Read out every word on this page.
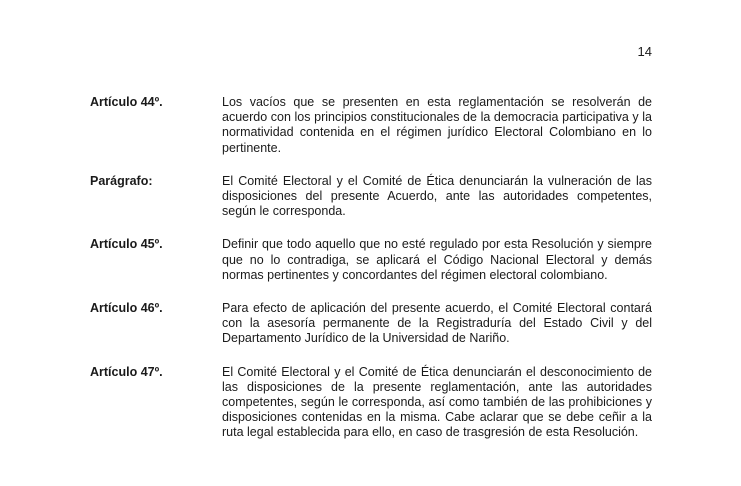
14
Artículo 44º.	Los vacíos que se presenten en esta reglamentación se resolverán de acuerdo con los principios constitucionales de la democracia participativa y la normatividad contenida en el régimen jurídico Electoral Colombiano en lo pertinente.
Parágrafo:	El Comité Electoral y el Comité de Ética denunciarán la vulneración de las disposiciones del presente Acuerdo, ante las autoridades competentes, según le corresponda.
Artículo 45º.	Definir que todo aquello que no esté regulado por esta Resolución y siempre que no lo contradiga, se aplicará el Código Nacional Electoral y demás normas pertinentes y concordantes del régimen electoral colombiano.
Artículo 46º.	Para efecto de aplicación del presente acuerdo, el Comité Electoral contará con la asesoría permanente de la Registraduría del Estado Civil y del Departamento Jurídico de la Universidad de Nariño.
Artículo 47º.	El Comité Electoral y el Comité de Ética denunciarán el desconocimiento de las disposiciones de la presente reglamentación, ante las autoridades competentes, según le corresponda, así como también de las prohibiciones y disposiciones contenidas en la misma. Cabe aclarar que se debe ceñir a la ruta legal establecida para ello, en caso de trasgresión de esta Resolución.
